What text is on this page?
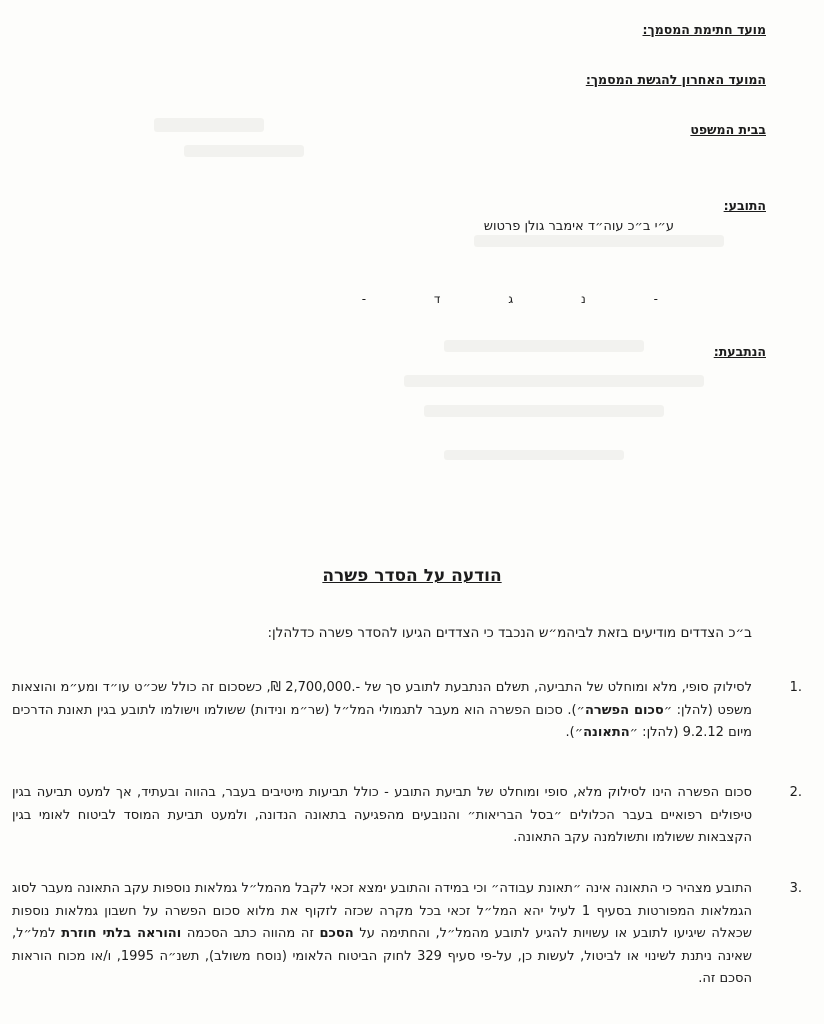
מועד חתימת המסמך:
המועד האחרון להגשת המסמך:
בבית המשפט
התובע:
ע״י ב״כ עוה״ד אימבר גולן פרטוש
- נ ג ד -
הנתבעת:
הודעה על הסדר פשרה
ב״כ הצדדים מודיעים בזאת לביהמ״ש הנכבד כי הצדדים הגיעו להסדר פשרה כדלהלן:
1.
לסילוק סופי, מלא ומוחלט של התביעה, תשלם הנתבעת לתובע סך של -.2,700,000 ₪, כשסכום זה כולל שכ״ט עו״ד ומע״מ והוצאות משפט (להלן: ״סכום הפשרה״). סכום הפשרה הוא מעבר לתגמולי המל״ל (שר״מ ונידות) ששולמו וישולמו לתובע בגין תאונת הדרכים מיום 9.2.12 (להלן: ״התאונה״).
2.
סכום הפשרה הינו לסילוק מלא, סופי ומוחלט של תביעת התובע - כולל תביעות מיטיבים בעבר, בהווה ובעתיד, אך למעט תביעה בגין טיפולים רפואיים בעבר הכלולים ״בסל הבריאות״ והנובעים מהפגיעה בתאונה הנדונה, ולמעט תביעת המוסד לביטוח לאומי בגין הקצבאות ששולמו ותשולמנה עקב התאונה.
3.
התובע מצהיר כי התאונה אינה ״תאונת עבודה״ וכי במידה והתובע ימצא זכאי לקבל מהמל״ל גמלאות נוספות עקב התאונה מעבר לסוג הגמלאות המפורטות בסעיף 1 לעיל יהא המל״ל זכאי בכל מקרה שכזה לזקוף את מלוא סכום הפשרה על חשבון גמלאות נוספות שכאלה שיגיעו לתובע או עשויות להגיע לתובע מהמל״ל, והחתימה על הסכם זה מהווה כתב הסכמה והוראה בלתי חוזרת למל״ל, שאינה ניתנת לשינוי או לביטול, לעשות כן, על-פי סעיף 329 לחוק הביטוח הלאומי (נוסח משולב), תשנ״ה 1995, ו/או מכוח הוראות הסכם זה.
